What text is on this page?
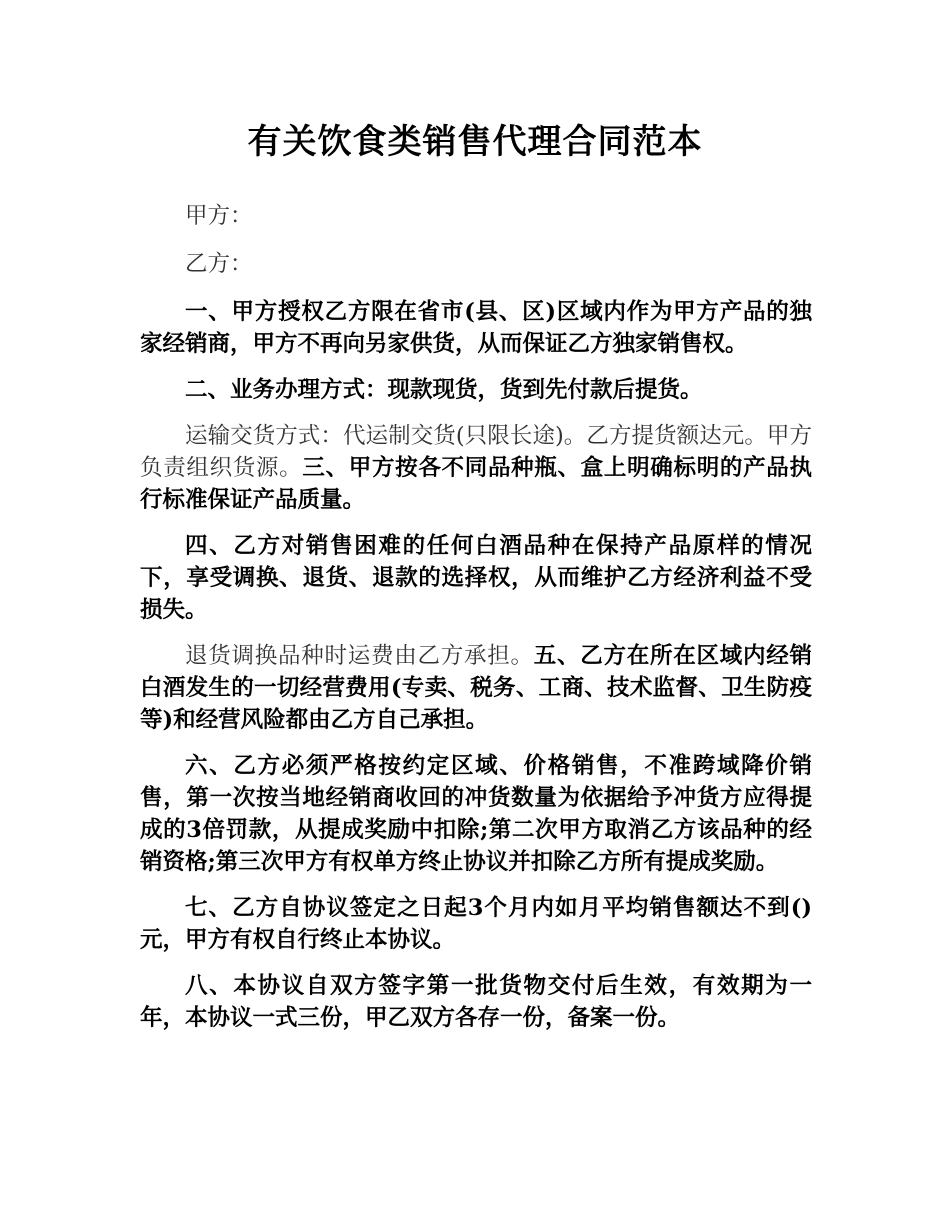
有关饮食类销售代理合同范本

甲方：

乙方：

一、甲方授权乙方限在省市(县、区)区域内作为甲方产品的独家经销商，甲方不再向另家供货，从而保证乙方独家销售权。

二、业务办理方式：现款现货，货到先付款后提货。

运输交货方式：代运制交货(只限长途)。乙方提货额达元。甲方负责组织货源。三、甲方按各不同品种瓶、盒上明确标明的产品执行标准保证产品质量。

四、乙方对销售困难的任何白酒品种在保持产品原样的情况下，享受调换、退货、退款的选择权，从而维护乙方经济利益不受损失。

退货调换品种时运费由乙方承担。五、乙方在所在区域内经销白酒发生的一切经营费用(专卖、税务、工商、技术监督、卫生防疫等)和经营风险都由乙方自己承担。

六、乙方必须严格按约定区域、价格销售，不准跨域降价销售，第一次按当地经销商收回的冲货数量为依据给予冲货方应得提成的3倍罚款，从提成奖励中扣除;第二次甲方取消乙方该品种的经销资格;第三次甲方有权单方终止协议并扣除乙方所有提成奖励。

七、乙方自协议签定之日起3个月内如月平均销售额达不到()元，甲方有权自行终止本协议。

八、本协议自双方签字第一批货物交付后生效，有效期为一年，本协议一式三份，甲乙双方各存一份，备案一份。
